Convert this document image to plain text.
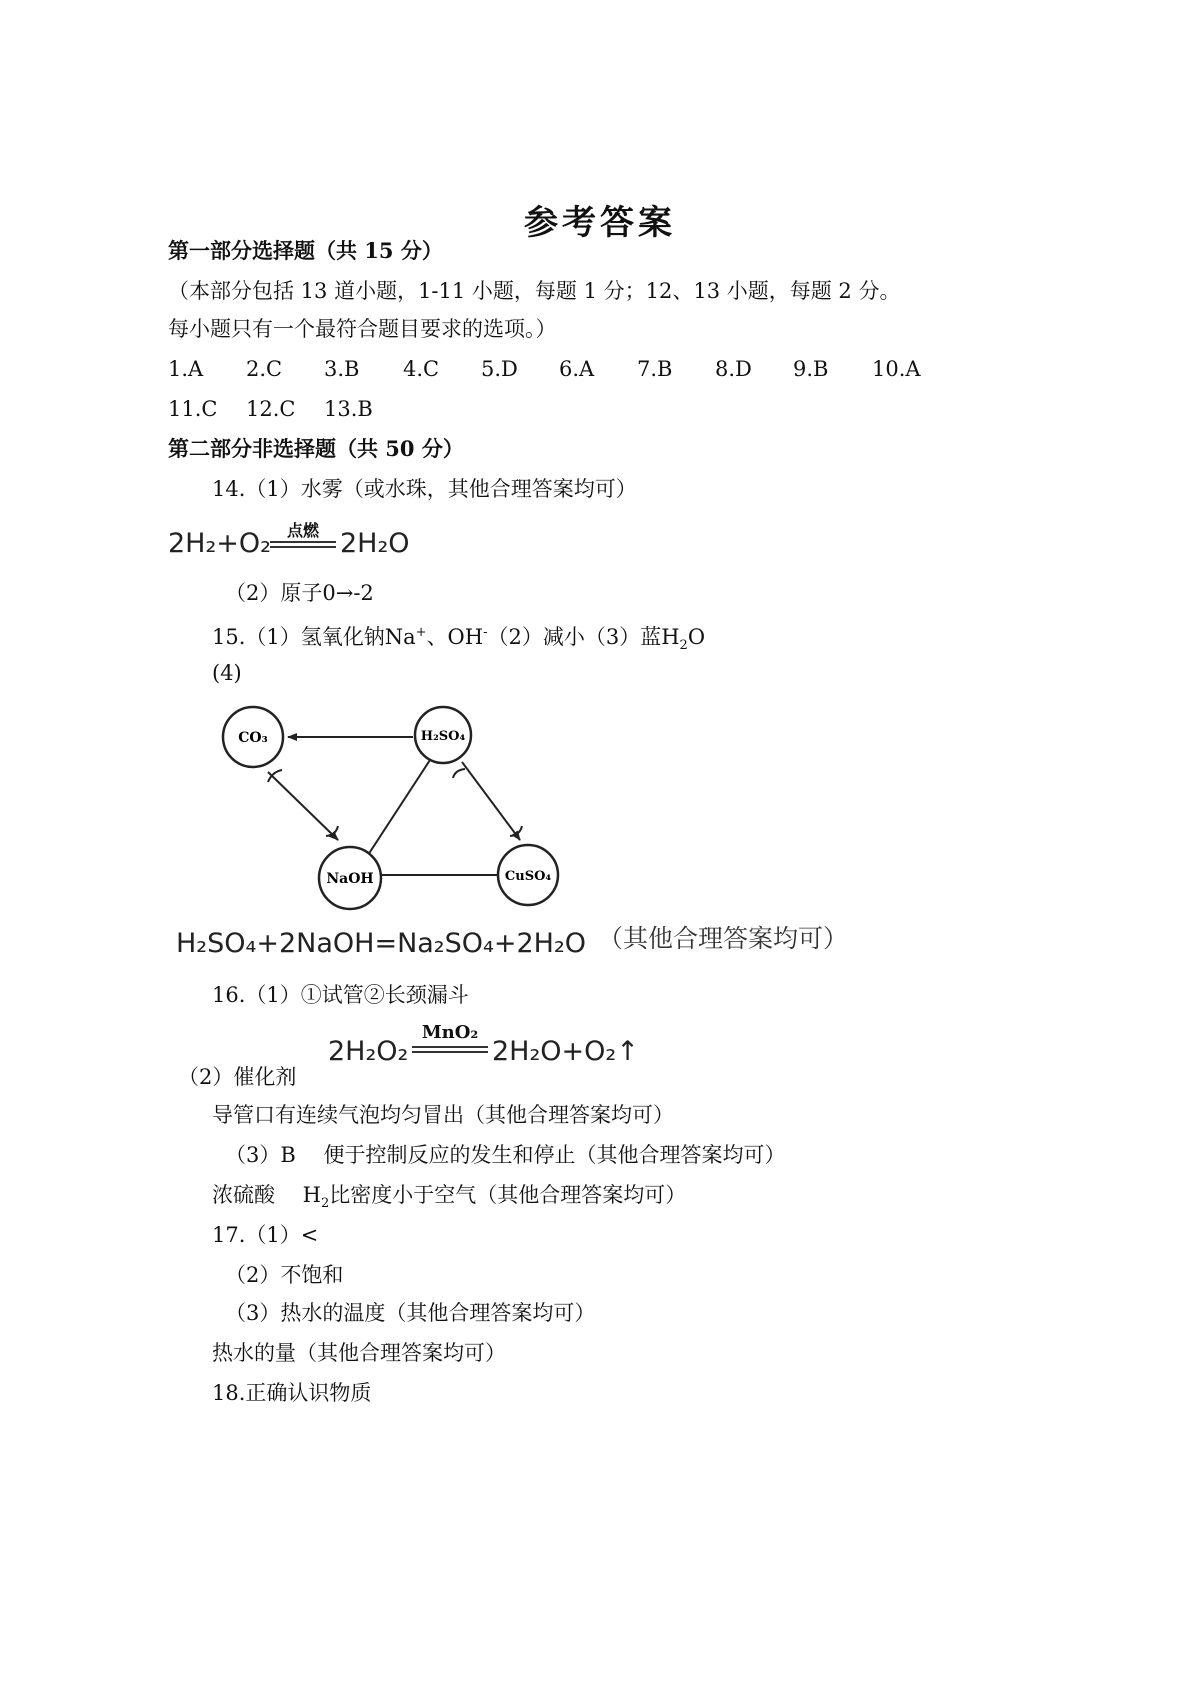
参考答案
第一部分选择题（共 15 分）
（本部分包括 13 道小题，1-11 小题，每题 1 分；12、13 小题，每题 2 分。
每小题只有一个最符合题目要求的选项。）
1.A 2.C 3.B 4.C 5.D 6.A 7.B 8.D 9.B 10.A
11.C 12.C 13.B
第二部分非选择题（共 50 分）
14.（1）水雾（或水珠，其他合理答案均可）
2H₂+O₂ 点燃 2H₂O
（2）原子0→-2
15.（1）氢氧化钠Na+、OH-（2）减小（3）蓝$H_2O$
(4)
CO₃	H₂SO₄
NaOH	CuSO₄
H₂SO₄+2NaOH=Na₂SO₄+2H₂O （其他合理答案均可）
16.（1）①试管②长颈漏斗
2H₂O₂
MnO₂
2H₂O+O₂↑
（2）催化剂
导管口有连续气泡均匀冒出（其他合理答案均可）
（3）B　 便于控制反应的发生和停止（其他合理答案均可）
浓硫酸　 $H_2$比密度小于空气（其他合理答案均可）
17.（1）<
（2）不饱和
（3）热水的温度（其他合理答案均可）
热水的量（其他合理答案均可）
18.正确认识物质
